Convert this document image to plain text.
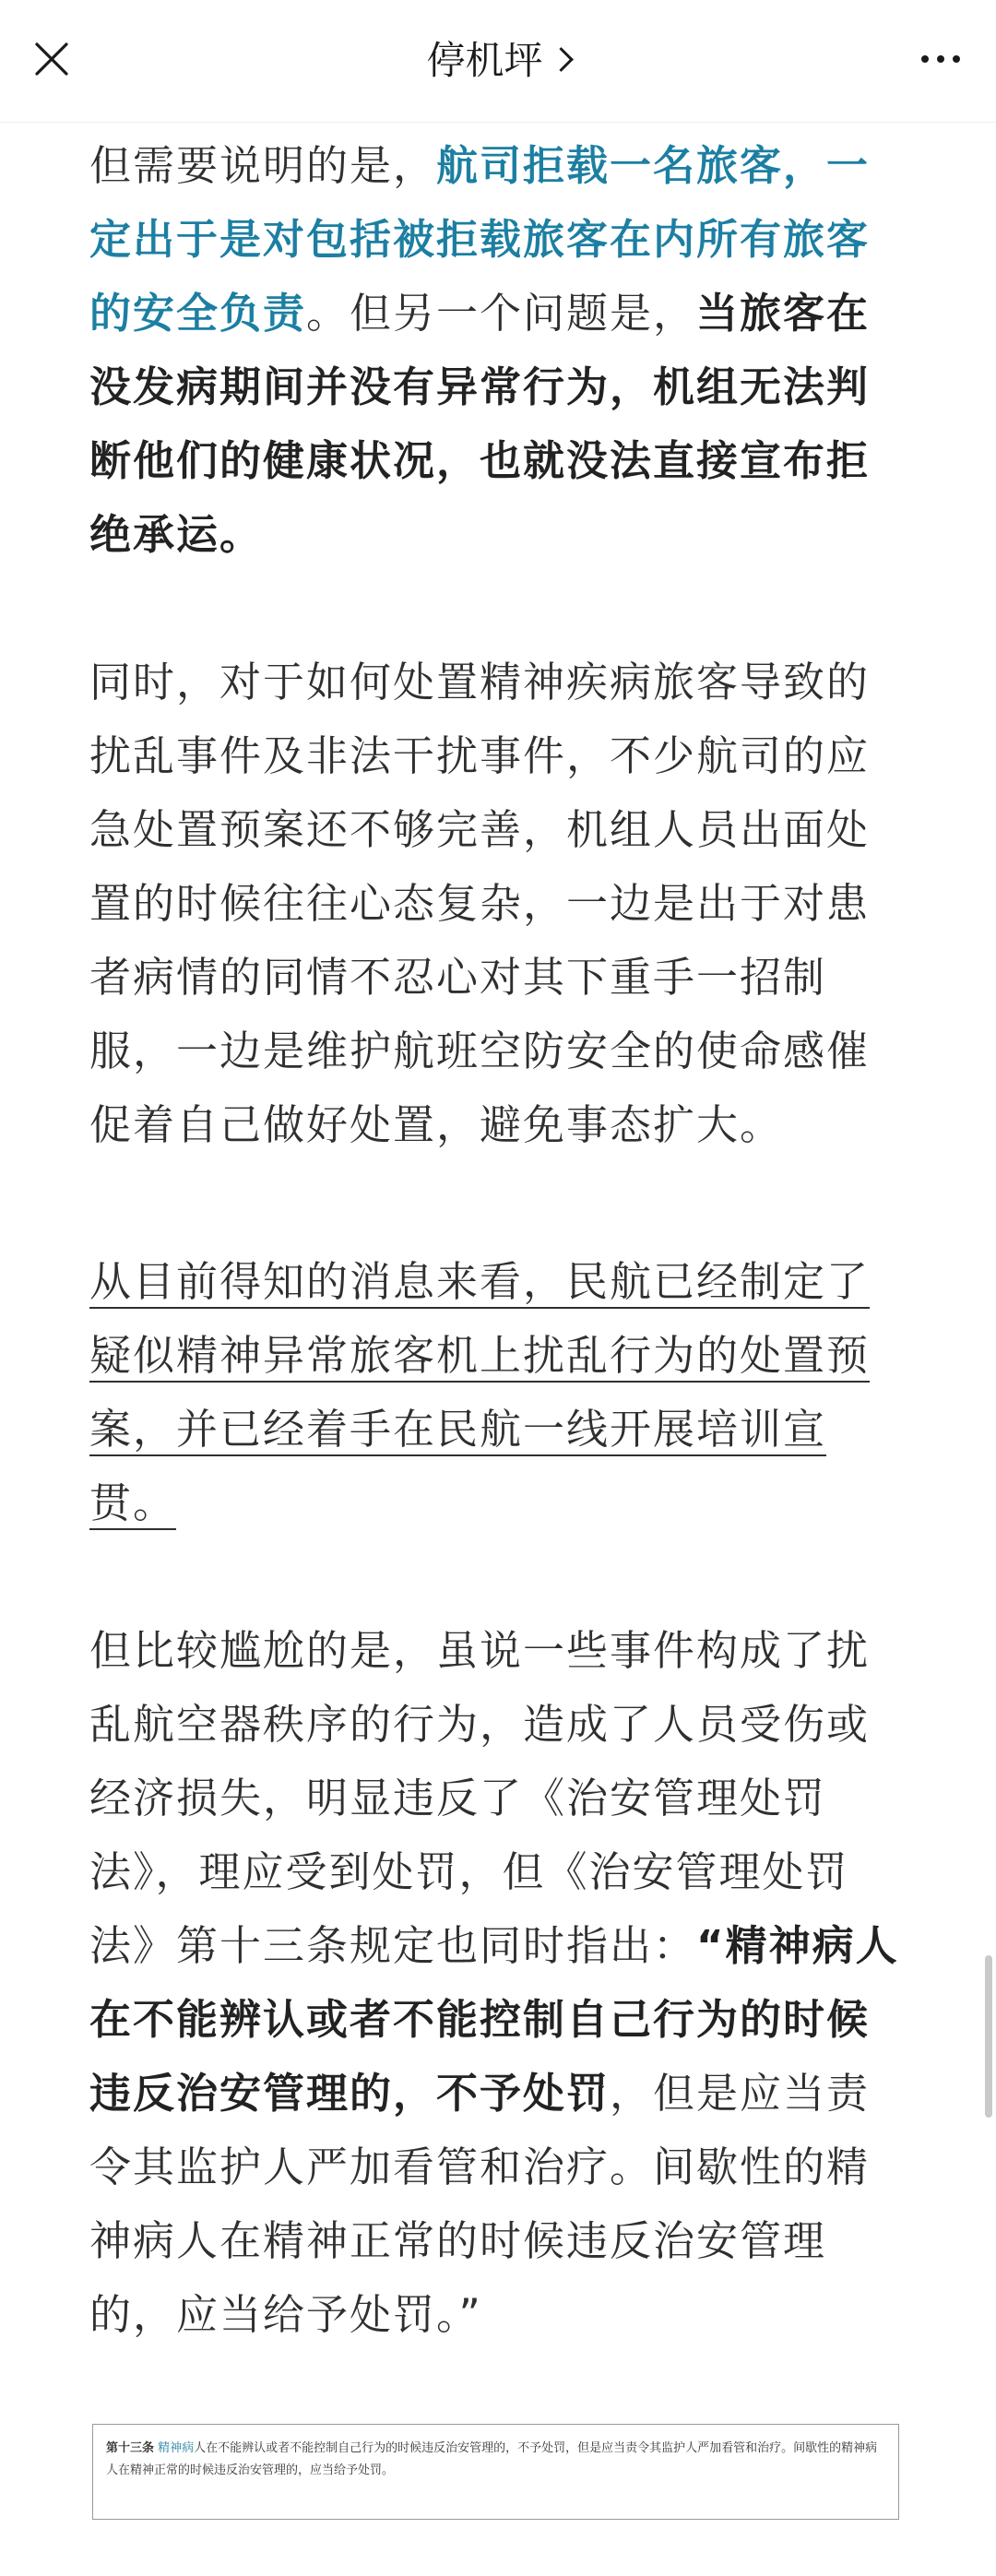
停机坪

但需要说明的是，航司拒载一名旅客，一定出于是对包括被拒载旅客在内所有旅客的安全负责。但另一个问题是，当旅客在没发病期间并没有异常行为，机组无法判断他们的健康状况，也就没法直接宣布拒绝承运。

同时，对于如何处置精神疾病旅客导致的扰乱事件及非法干扰事件，不少航司的应急处置预案还不够完善，机组人员出面处置的时候往往心态复杂，一边是出于对患者病情的同情不忍心对其下重手一招制服，一边是维护航班空防安全的使命感催促着自己做好处置，避免事态扩大。

从目前得知的消息来看，民航已经制定了疑似精神异常旅客机上扰乱行为的处置预案，并已经着手在民航一线开展培训宣贯。

但比较尴尬的是，虽说一些事件构成了扰乱航空器秩序的行为，造成了人员受伤或经济损失，明显违反了《治安管理处罚法》，理应受到处罚，但《治安管理处罚法》第十三条规定也同时指出：“精神病人在不能辨认或者不能控制自己行为的时候违反治安管理的，不予处罚，但是应当责令其监护人严加看管和治疗。间歇性的精神病人在精神正常的时候违反治安管理的，应当给予处罚。”

第十三条 精神病人在不能辨认或者不能控制自己行为的时候违反治安管理的，不予处罚，但是应当责令其监护人严加看管和治疗。间歇性的精神病人在精神正常的时候违反治安管理的，应当给予处罚。
